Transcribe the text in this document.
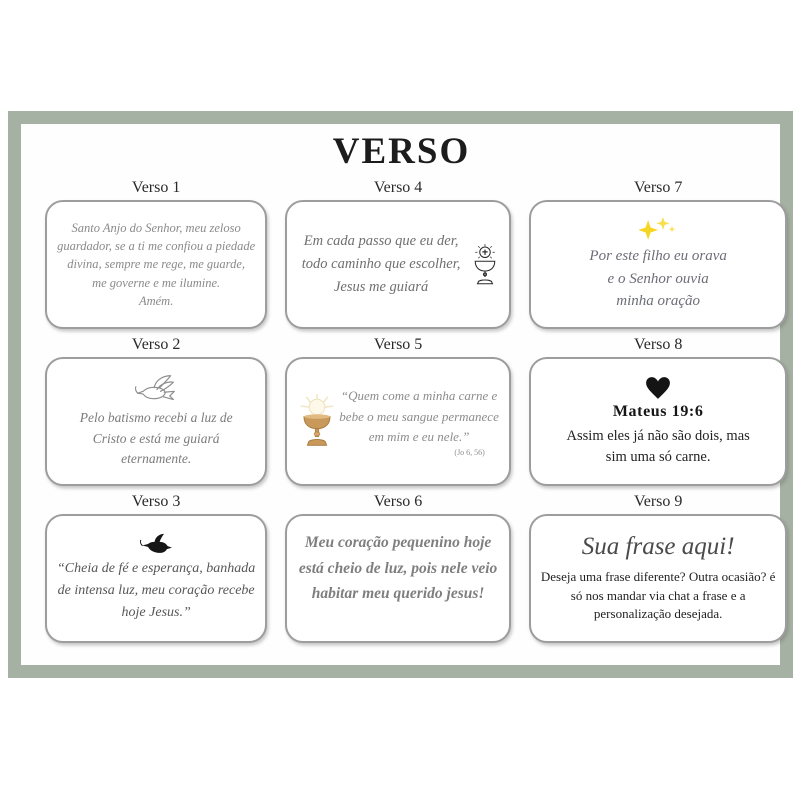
VERSO
Verso 1
Santo Anjo do Senhor, meu zeloso
guardador, se a ti me confiou a piedade
divina, sempre me rege, me guarde,
me governe e me ilumine.
Amém.
Verso 4
Em cada passo que eu der,
todo caminho que escolher,
Jesus me guiará
Verso 7
Por este filho eu orava
e o Senhor ouvia
minha oração
Verso 2
Pelo batismo recebi a luz de
Cristo e está me guiará
eternamente.
Verso 5
“Quem come a minha carne e
bebe o meu sangue permanece
em mim e eu nele.”
(Jo 6, 56)
Verso 8
Mateus 19:6
Assim eles já não são dois, mas
sim uma só carne.
Verso 3
“Cheia de fé e esperança, banhada
de intensa luz, meu coração recebe
hoje Jesus.”
Verso 6
Meu coração pequenino hoje
está cheio de luz, pois nele veio
habitar meu querido jesus!
Verso 9
Sua frase aqui!
Deseja uma frase diferente? Outra ocasião? é
só nos mandar via chat a frase e a
personalização desejada.
